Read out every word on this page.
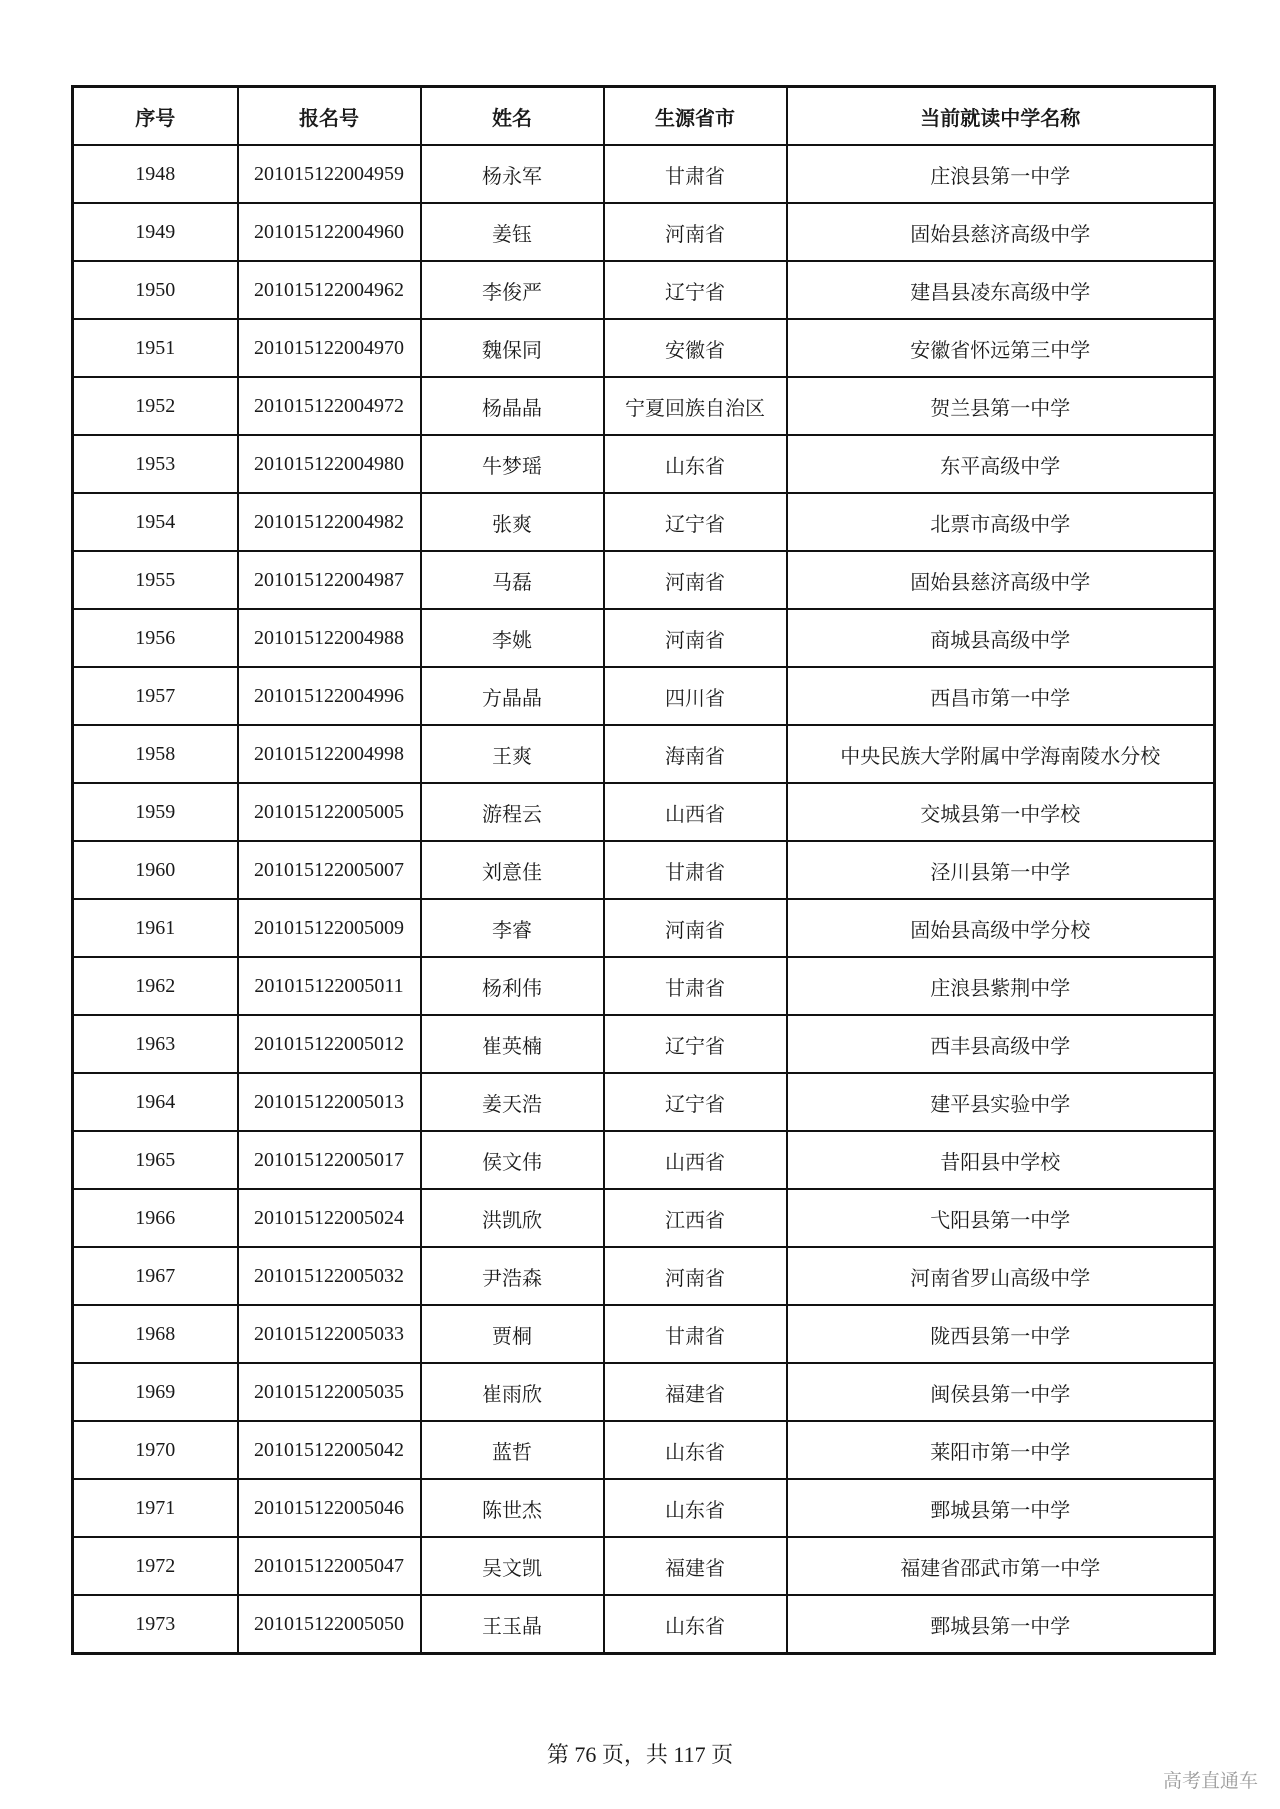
序号	报名号	姓名	生源省市	当前就读中学名称
1948	201015122004959	杨永军	甘肃省	庄浪县第一中学
1949	201015122004960	姜钰	河南省	固始县慈济高级中学
1950	201015122004962	李俊严	辽宁省	建昌县凌东高级中学
1951	201015122004970	魏保同	安徽省	安徽省怀远第三中学
1952	201015122004972	杨晶晶	宁夏回族自治区	贺兰县第一中学
1953	201015122004980	牛梦瑶	山东省	东平高级中学
1954	201015122004982	张爽	辽宁省	北票市高级中学
1955	201015122004987	马磊	河南省	固始县慈济高级中学
1956	201015122004988	李姚	河南省	商城县高级中学
1957	201015122004996	方晶晶	四川省	西昌市第一中学
1958	201015122004998	王爽	海南省	中央民族大学附属中学海南陵水分校
1959	201015122005005	游程云	山西省	交城县第一中学校
1960	201015122005007	刘意佳	甘肃省	泾川县第一中学
1961	201015122005009	李睿	河南省	固始县高级中学分校
1962	201015122005011	杨利伟	甘肃省	庄浪县紫荆中学
1963	201015122005012	崔英楠	辽宁省	西丰县高级中学
1964	201015122005013	姜天浩	辽宁省	建平县实验中学
1965	201015122005017	侯文伟	山西省	昔阳县中学校
1966	201015122005024	洪凯欣	江西省	弋阳县第一中学
1967	201015122005032	尹浩森	河南省	河南省罗山高级中学
1968	201015122005033	贾桐	甘肃省	陇西县第一中学
1969	201015122005035	崔雨欣	福建省	闽侯县第一中学
1970	201015122005042	蓝哲	山东省	莱阳市第一中学
1971	201015122005046	陈世杰	山东省	鄄城县第一中学
1972	201015122005047	吴文凯	福建省	福建省邵武市第一中学
1973	201015122005050	王玉晶	山东省	鄄城县第一中学
第 76 页，共 117 页
高考直通车
